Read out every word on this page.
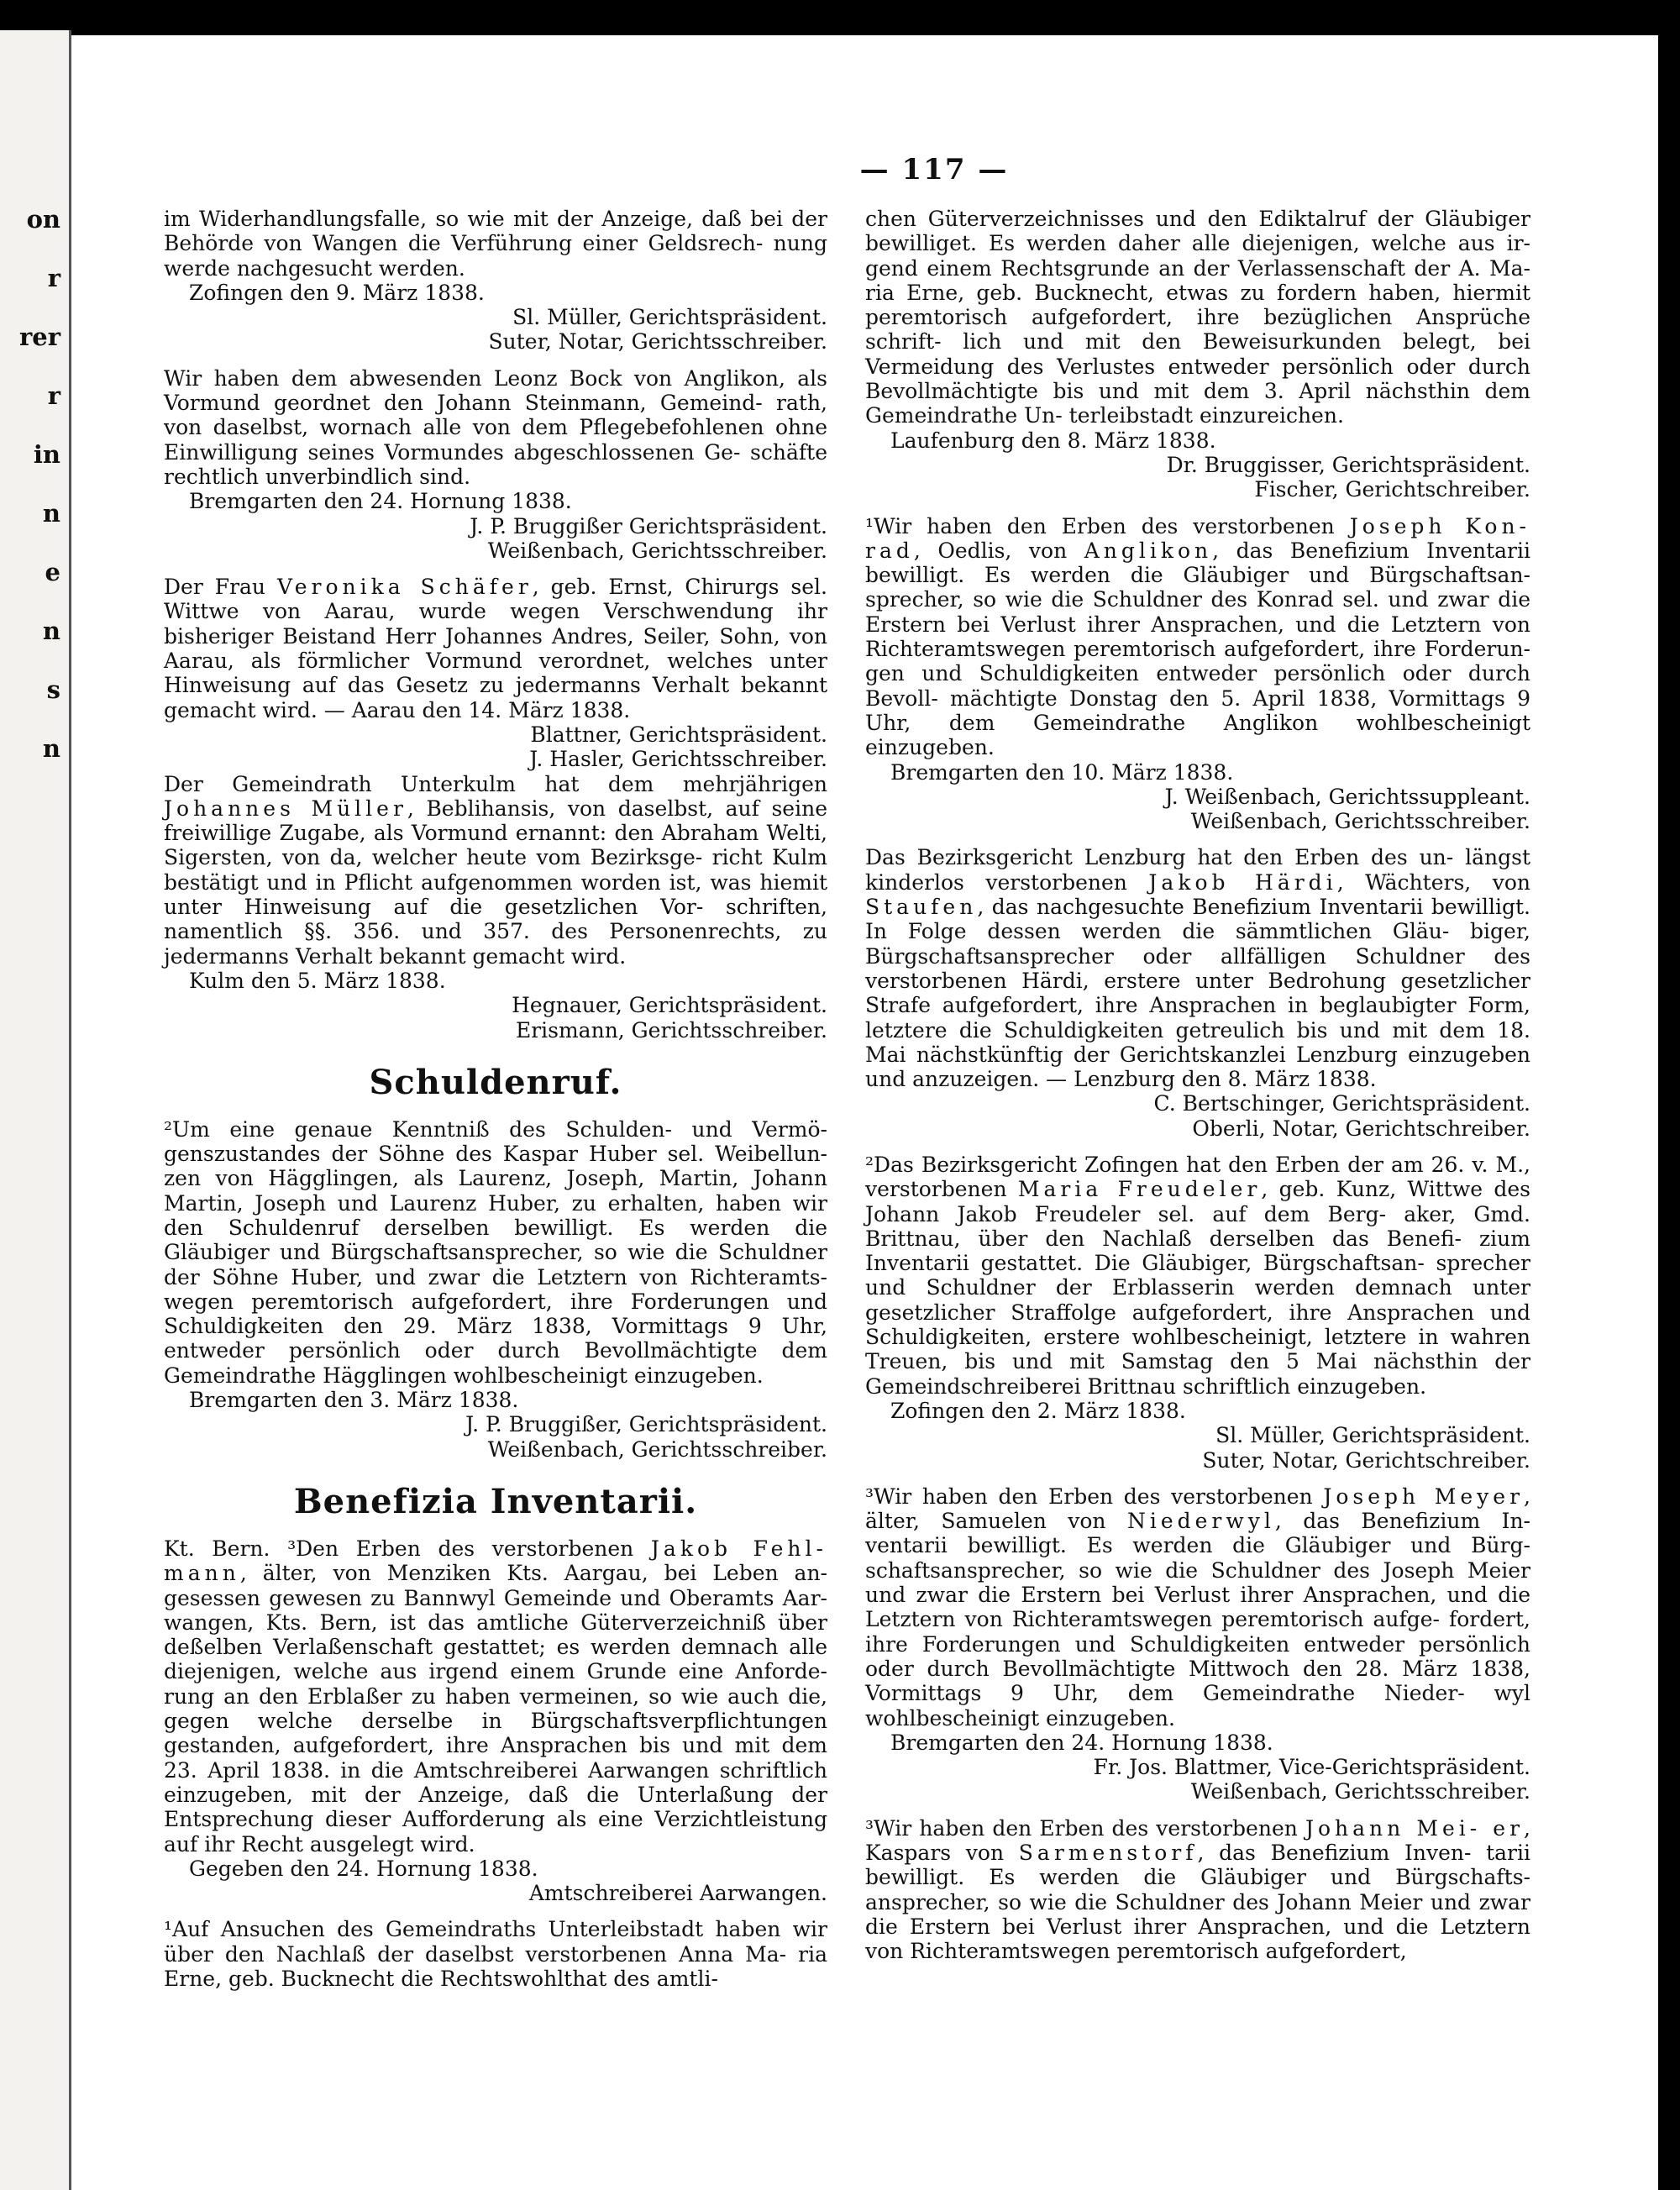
on
r
rer
r
in
n
e
n
s
n
— 117 —

im Widerhandlungsfalle, so wie mit der Anzeige, daß bei der Behörde von Wangen die Verführung einer Geldsrech- nung werde nachgesucht werden.

Zofingen den 9. März 1838.

Sl. Müller, Gerichtspräsident.

Suter, Notar, Gerichtsschreiber.

Wir haben dem abwesenden Leonz Bock von Anglikon, als Vormund geordnet den Johann Steinmann, Gemeind- rath, von daselbst, wornach alle von dem Pflegebefohlenen ohne Einwilligung seines Vormundes abgeschlossenen Ge- schäfte rechtlich unverbindlich sind.

Bremgarten den 24. Hornung 1838.

J. P. Bruggißer Gerichtspräsident.

Weißenbach, Gerichtsschreiber.

Der Frau Veronika Schäfer, geb. Ernst, Chirurgs sel. Wittwe von Aarau, wurde wegen Verschwendung ihr bisheriger Beistand Herr Johannes Andres, Seiler, Sohn, von Aarau, als förmlicher Vormund verordnet, welches unter Hinweisung auf das Gesetz zu jedermanns Verhalt bekannt gemacht wird. — Aarau den 14. März 1838.

Blattner, Gerichtspräsident.

J. Hasler, Gerichtsschreiber.

Der Gemeindrath Unterkulm hat dem mehrjährigen Johannes Müller, Beblihansis, von daselbst, auf seine freiwillige Zugabe, als Vormund ernannt: den Abraham Welti, Sigersten, von da, welcher heute vom Bezirksge- richt Kulm bestätigt und in Pflicht aufgenommen worden ist, was hiemit unter Hinweisung auf die gesetzlichen Vor- schriften, namentlich §§. 356. und 357. des Personenrechts, zu jedermanns Verhalt bekannt gemacht wird.

Kulm den 5. März 1838.

Hegnauer, Gerichtspräsident.

Erismann, Gerichtsschreiber.

Schuldenruf.

²Um eine genaue Kenntniß des Schulden- und Vermö- genszustandes der Söhne des Kaspar Huber sel. Weibellun- zen von Hägglingen, als Laurenz, Joseph, Martin, Johann Martin, Joseph und Laurenz Huber, zu erhalten, haben wir den Schuldenruf derselben bewilligt. Es werden die Gläubiger und Bürgschaftsansprecher, so wie die Schuldner der Söhne Huber, und zwar die Letztern von Richteramts- wegen peremtorisch aufgefordert, ihre Forderungen und Schuldigkeiten den 29. März 1838, Vormittags 9 Uhr, entweder persönlich oder durch Bevollmächtigte dem Gemeindrathe Hägglingen wohlbescheinigt einzugeben.

Bremgarten den 3. März 1838.

J. P. Bruggißer, Gerichtspräsident.

Weißenbach, Gerichtsschreiber.

Benefizia Inventarii.

Kt. Bern. ³Den Erben des verstorbenen Jakob Fehl- mann, älter, von Menziken Kts. Aargau, bei Leben an- gesessen gewesen zu Bannwyl Gemeinde und Oberamts Aar- wangen, Kts. Bern, ist das amtliche Güterverzeichniß über deßelben Verlaßenschaft gestattet; es werden demnach alle diejenigen, welche aus irgend einem Grunde eine Anforde- rung an den Erblaßer zu haben vermeinen, so wie auch die, gegen welche derselbe in Bürgschaftsverpflichtungen gestanden, aufgefordert, ihre Ansprachen bis und mit dem 23. April 1838. in die Amtschreiberei Aarwangen schriftlich einzugeben, mit der Anzeige, daß die Unterlaßung der Entsprechung dieser Aufforderung als eine Verzichtleistung auf ihr Recht ausgelegt wird.

Gegeben den 24. Hornung 1838.

Amtschreiberei Aarwangen.

¹Auf Ansuchen des Gemeindraths Unterleibstadt haben wir über den Nachlaß der daselbst verstorbenen Anna Ma- ria Erne, geb. Bucknecht die Rechtswohlthat des amtli-

chen Güterverzeichnisses und den Ediktalruf der Gläubiger bewilliget. Es werden daher alle diejenigen, welche aus ir- gend einem Rechtsgrunde an der Verlassenschaft der A. Ma- ria Erne, geb. Bucknecht, etwas zu fordern haben, hiermit peremtorisch aufgefordert, ihre bezüglichen Ansprüche schrift- lich und mit den Beweisurkunden belegt, bei Vermeidung des Verlustes entweder persönlich oder durch Bevollmächtigte bis und mit dem 3. April nächsthin dem Gemeindrathe Un- terleibstadt einzureichen.

Laufenburg den 8. März 1838.

Dr. Bruggisser, Gerichtspräsident.

Fischer, Gerichtschreiber.

¹Wir haben den Erben des verstorbenen Joseph Kon- rad, Oedlis, von Anglikon, das Benefizium Inventarii bewilligt. Es werden die Gläubiger und Bürgschaftsan- sprecher, so wie die Schuldner des Konrad sel. und zwar die Erstern bei Verlust ihrer Ansprachen, und die Letztern von Richteramtswegen peremtorisch aufgefordert, ihre Forderun- gen und Schuldigkeiten entweder persönlich oder durch Bevoll- mächtigte Donstag den 5. April 1838, Vormittags 9 Uhr, dem Gemeindrathe Anglikon wohlbescheinigt einzugeben.

Bremgarten den 10. März 1838.

J. Weißenbach, Gerichtssuppleant.

Weißenbach, Gerichtsschreiber.

Das Bezirksgericht Lenzburg hat den Erben des un- längst kinderlos verstorbenen Jakob Härdi, Wächters, von Staufen, das nachgesuchte Benefizium Inventarii bewilligt. In Folge dessen werden die sämmtlichen Gläu- biger, Bürgschaftsansprecher oder allfälligen Schuldner des verstorbenen Härdi, erstere unter Bedrohung gesetzlicher Strafe aufgefordert, ihre Ansprachen in beglaubigter Form, letztere die Schuldigkeiten getreulich bis und mit dem 18. Mai nächstkünftig der Gerichtskanzlei Lenzburg einzugeben und anzuzeigen. — Lenzburg den 8. März 1838.

C. Bertschinger, Gerichtspräsident.

Oberli, Notar, Gerichtschreiber.

²Das Bezirksgericht Zofingen hat den Erben der am 26. v. M., verstorbenen Maria Freudeler, geb. Kunz, Wittwe des Johann Jakob Freudeler sel. auf dem Berg- aker, Gmd. Brittnau, über den Nachlaß derselben das Benefi- zium Inventarii gestattet. Die Gläubiger, Bürgschaftsan- sprecher und Schuldner der Erblasserin werden demnach unter gesetzlicher Straffolge aufgefordert, ihre Ansprachen und Schuldigkeiten, erstere wohlbescheinigt, letztere in wahren Treuen, bis und mit Samstag den 5 Mai nächsthin der Gemeindschreiberei Brittnau schriftlich einzugeben.

Zofingen den 2. März 1838.

Sl. Müller, Gerichtspräsident.

Suter, Notar, Gerichtschreiber.

³Wir haben den Erben des verstorbenen Joseph Meyer, älter, Samuelen von Niederwyl, das Benefizium In- ventarii bewilligt. Es werden die Gläubiger und Bürg- schaftsansprecher, so wie die Schuldner des Joseph Meier und zwar die Erstern bei Verlust ihrer Ansprachen, und die Letztern von Richteramtswegen peremtorisch aufge- fordert, ihre Forderungen und Schuldigkeiten entweder persönlich oder durch Bevollmächtigte Mittwoch den 28. März 1838, Vormittags 9 Uhr, dem Gemeindrathe Nieder- wyl wohlbescheinigt einzugeben.

Bremgarten den 24. Hornung 1838.

Fr. Jos. Blattmer, Vice-Gerichtspräsident.

Weißenbach, Gerichtsschreiber.

³Wir haben den Erben des verstorbenen Johann Mei- er, Kaspars von Sarmenstorf, das Benefizium Inven- tarii bewilligt. Es werden die Gläubiger und Bürgschafts- ansprecher, so wie die Schuldner des Johann Meier und zwar die Erstern bei Verlust ihrer Ansprachen, und die Letztern von Richteramtswegen peremtorisch aufgefordert,
